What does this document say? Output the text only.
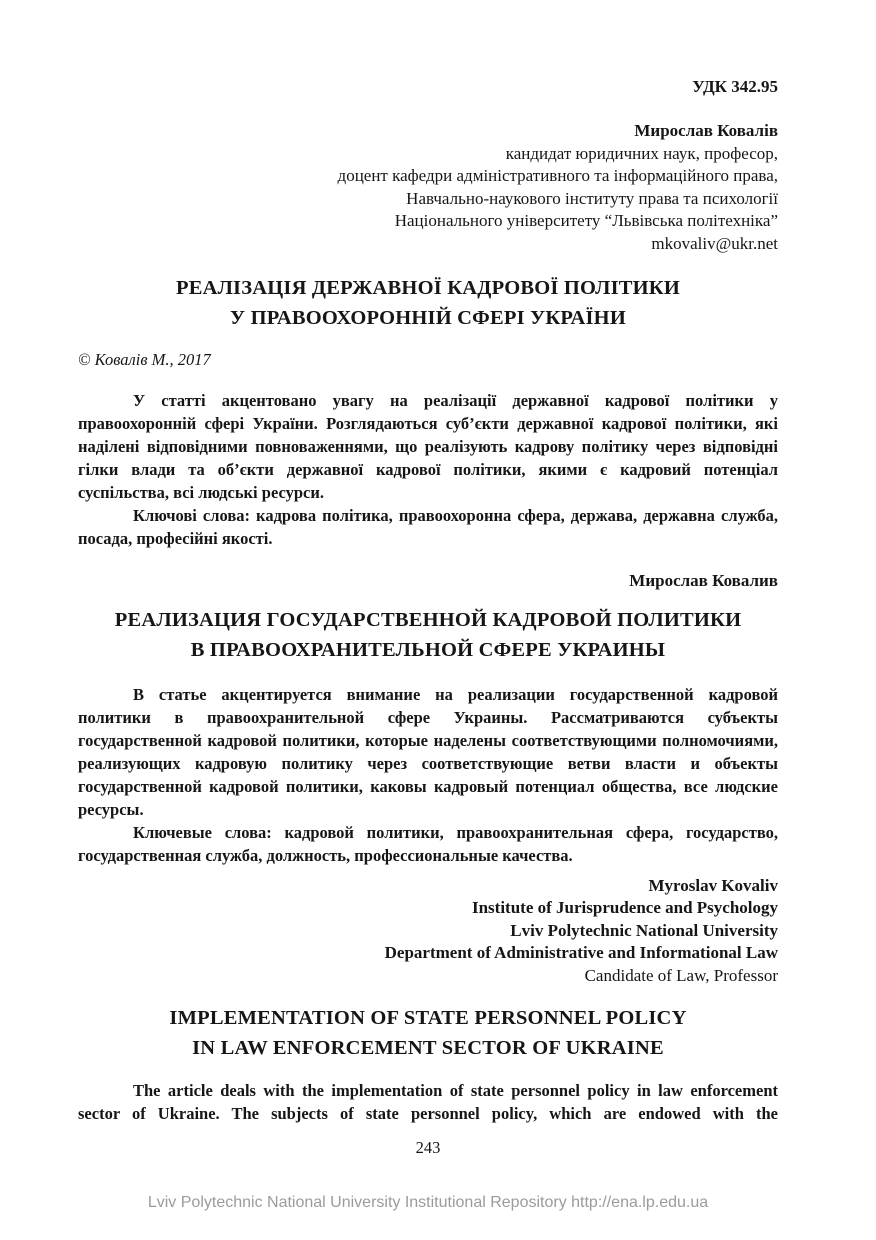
УДК 342.95
Мирослав Ковалів
кандидат юридичних наук, професор,
доцент кафедри адміністративного та інформаційного права,
Навчально-наукового інституту права та психології
Національного університету “Львівська політехніка”
mkovaliv@ukr.net
РЕАЛІЗАЦІЯ ДЕРЖАВНОЇ КАДРОВОЇ ПОЛІТИКИ
У ПРАВООХОРОННІЙ СФЕРІ УКРАЇНИ
© Ковалів М., 2017

У статті акцентовано увагу на реалізації державної кадрової політики у правоохоронній сфері України. Розглядаються суб’єкти державної кадрової політики, які наділені відповідними повноваженнями, що реалізують кадрову політику через відповідні гілки влади та об’єкти державної кадрової політики, якими є кадровий потенціал суспільства, всі людські ресурси.

Ключові слова: кадрова політика, правоохоронна сфера, держава, державна служба, посада, професійні якості.

Мирослав Ковалив
РЕАЛИЗАЦИЯ ГОСУДАРСТВЕННОЙ КАДРОВОЙ ПОЛИТИКИ
В ПРАВООХРАНИТЕЛЬНОЙ СФЕРЕ УКРАИНЫ

В статье акцентируется внимание на реализации государственной кадровой политики в правоохранительной сфере Украины. Рассматриваются субъекты государственной кадровой политики, которые наделены соответствующими полномочиями, реализующих кадровую политику через соответствующие ветви власти и объекты государственной кадровой политики, каковы кадровый потенциал общества, все людские ресурсы.

Ключевые слова: кадровой политики, правоохранительная сфера, государство, государственная служба, должность, профессиональные качества.

Myroslav Kovaliv
Institute of Jurisprudence and Psychology
Lviv Polytechnic National University
Department of Administrative and Informational Law
Candidate of Law, Professor
IMPLEMENTATION OF STATE PERSONNEL POLICY
IN LAW ENFORCEMENT SECTOR OF UKRAINE

The article deals with the implementation of state personnel policy in law enforcement sector of Ukraine. The subjects of state personnel policy, which are endowed with the

243
Lviv Polytechnic National University Institutional Repository http://ena.lp.edu.ua
